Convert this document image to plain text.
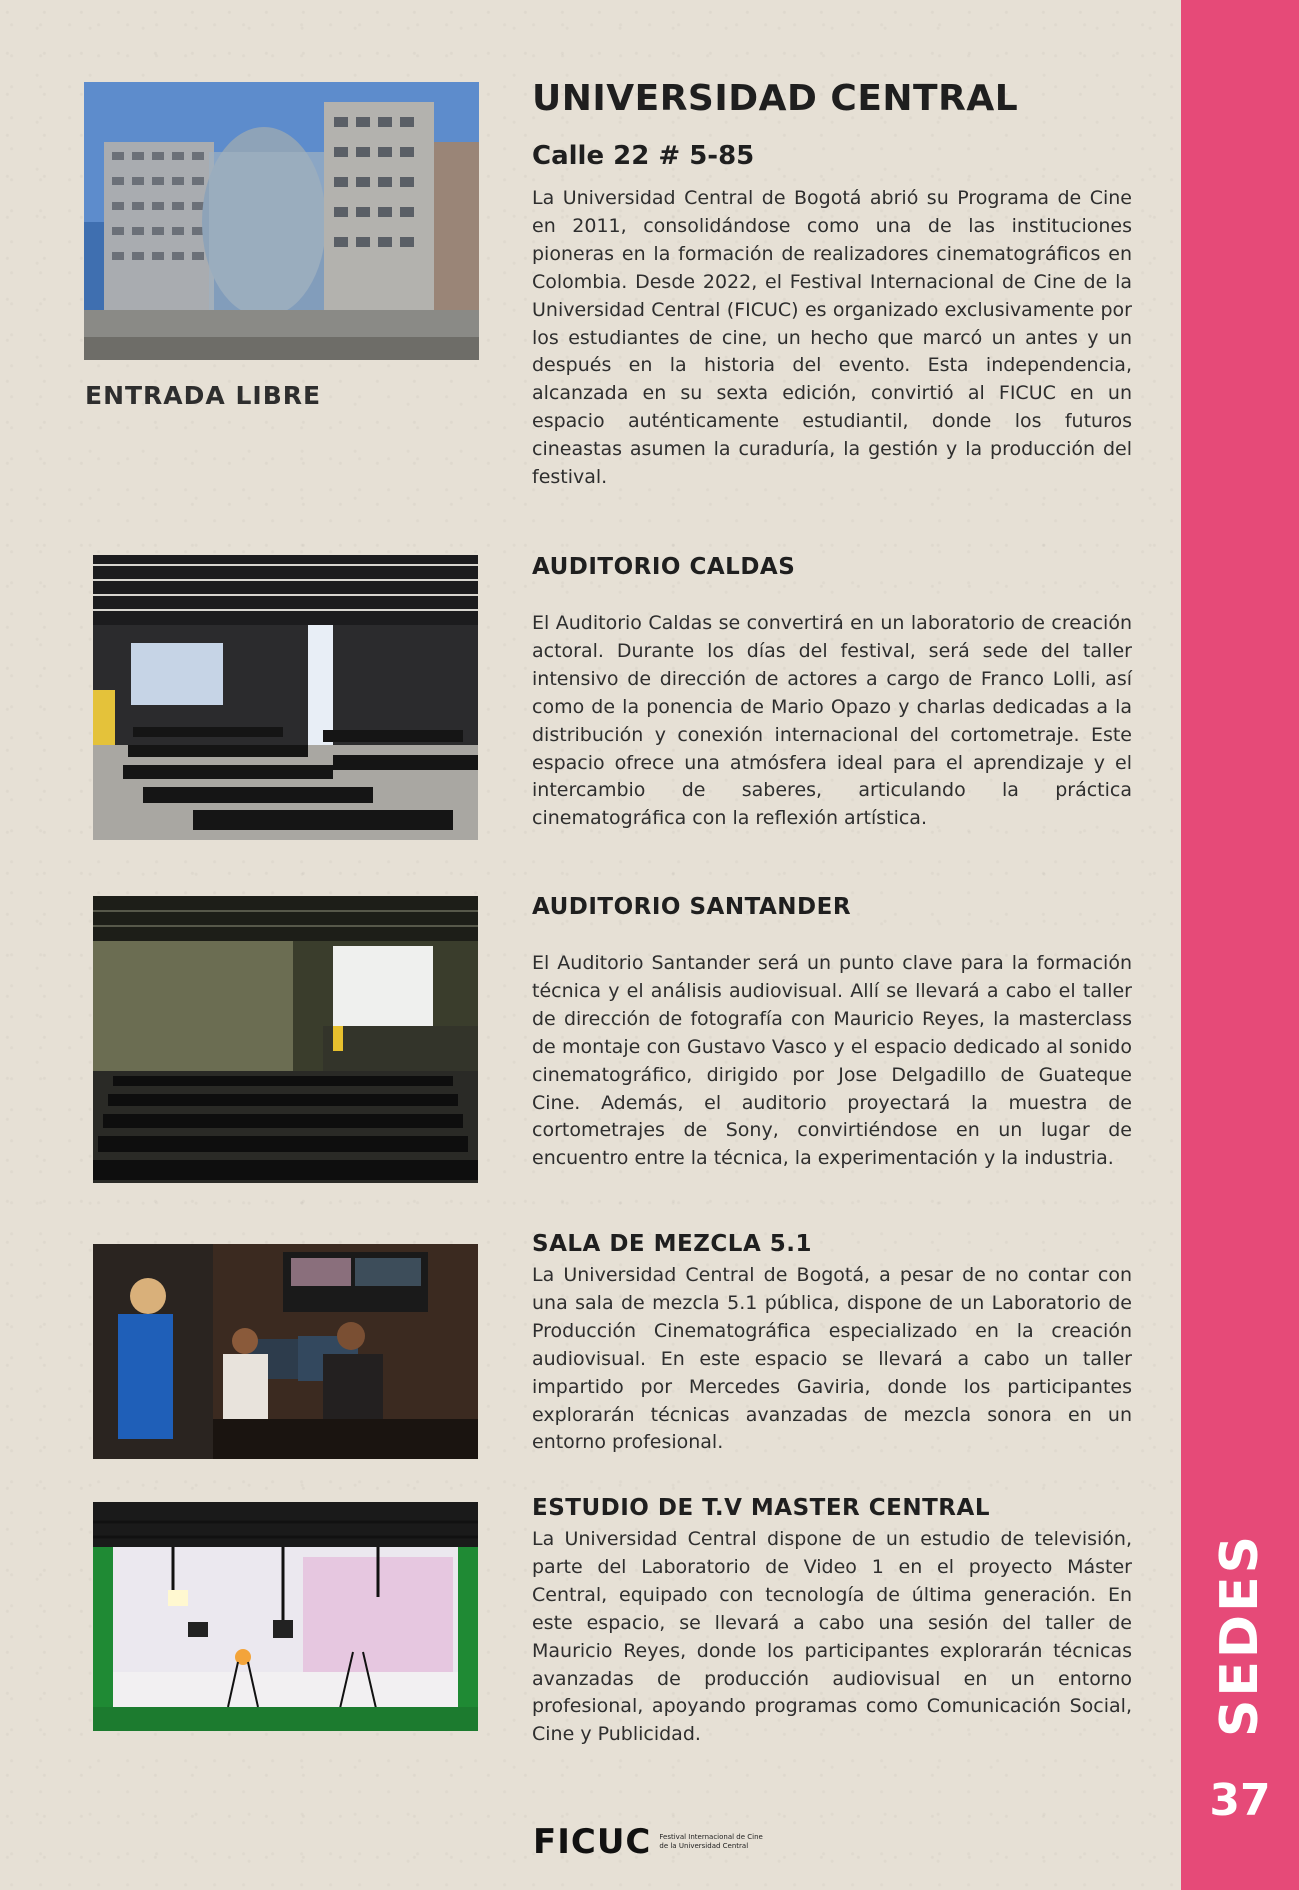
SEDES
37
UNIVERSIDAD CENTRAL
Calle 22 # 5-85

La Universidad Central de Bogotá abrió su Programa de Cine en 2011, consolidándose como una de las instituciones pioneras en la formación de realizadores cinematográficos en Colombia. Desde 2022, el Festival Internacional de Cine de la Universidad Central (FICUC) es organizado exclusivamente por los estudiantes de cine, un hecho que marcó un antes y un después en la historia del evento. Esta independencia, alcanzada en su sexta edición, convirtió al FICUC en un espacio auténticamente estudiantil, donde los futuros cineastas asumen la curaduría, la gestión y la producción del festival.

ENTRADA LIBRE

AUDITORIO CALDAS

El Auditorio Caldas se convertirá en un laboratorio de creación actoral. Durante los días del festival, será sede del taller intensivo de dirección de actores a cargo de Franco Lolli, así como de la ponencia de Mario Opazo y charlas dedicadas a la distribución y conexión internacional del cortometraje. Este espacio ofrece una atmósfera ideal para el aprendizaje y el intercambio de saberes, articulando la práctica cinematográfica con la reflexión artística.

AUDITORIO SANTANDER

El Auditorio Santander será un punto clave para la formación técnica y el análisis audiovisual. Allí se llevará a cabo el taller de dirección de fotografía con Mauricio Reyes, la masterclass de montaje con Gustavo Vasco y el espacio dedicado al sonido cinematográfico, dirigido por Jose Delgadillo de Guateque Cine. Además, el auditorio proyectará la muestra de cortometrajes de Sony, convirtiéndose en un lugar de encuentro entre la técnica, la experimentación y la industria.

SALA DE MEZCLA 5.1

La Universidad Central de Bogotá, a pesar de no contar con una sala de mezcla 5.1 pública, dispone de un Laboratorio de Producción Cinematográfica especializado en la creación audiovisual. En este espacio se llevará a cabo un taller impartido por Mercedes Gaviria, donde los participantes explorarán técnicas avanzadas de mezcla sonora en un entorno profesional.

ESTUDIO DE T.V MASTER CENTRAL

La Universidad Central dispone de un estudio de televisión, parte del Laboratorio de Video 1 en el proyecto Máster Central, equipado con tecnología de última generación. En este espacio, se llevará a cabo una sesión del taller de Mauricio Reyes, donde los participantes explorarán técnicas avanzadas de producción audiovisual en un entorno profesional, apoyando programas como Comunicación Social, Cine y Publicidad.

FICUC Festival Internacional de Cine
de la Universidad Central
